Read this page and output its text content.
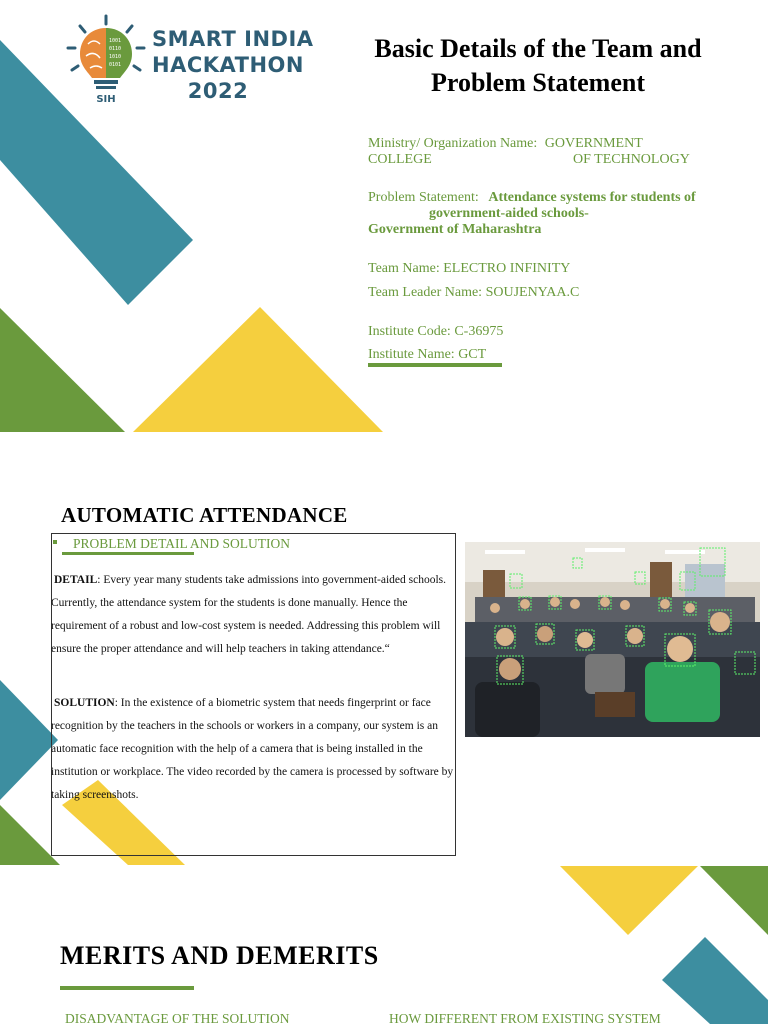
1001
0110
1010
0101
SIH
SMART INDIA
HACKATHON
2022
Basic Details of the Team and
Problem Statement
Ministry/ Organization Name: GOVERNMENT
COLLEGE	OF TECHNOLOGY
Problem Statement: Attendance systems for students of
government-aided schools-
Government of Maharashtra
Team Name: ELECTRO INFINITY
Team Leader Name: SOUJENYAA.C
Institute Code: C-36975
Institute Name: GCT
AUTOMATIC ATTENDANCE
PROBLEM DETAIL AND SOLUTION
DETAIL: Every year many students take admissions into government-aided schools. Currently, the attendance system for the students is done manually. Hence the requirement of a robust and low-cost system is needed. Addressing this problem will ensure the proper attendance and will help teachers in taking attendance.“
SOLUTION: In the existence of a biometric system that needs fingerprint or face recognition by the teachers in the schools or workers in a company, our system is an automatic face recognition with the help of a camera that is being installed in the institution or workplace. The video recorded by the camera is processed by software by taking screenshots.
MERITS AND DEMERITS
DISADVANTAGE OF THE SOLUTION	HOW DIFFERENT FROM EXISTING SYSTEM
